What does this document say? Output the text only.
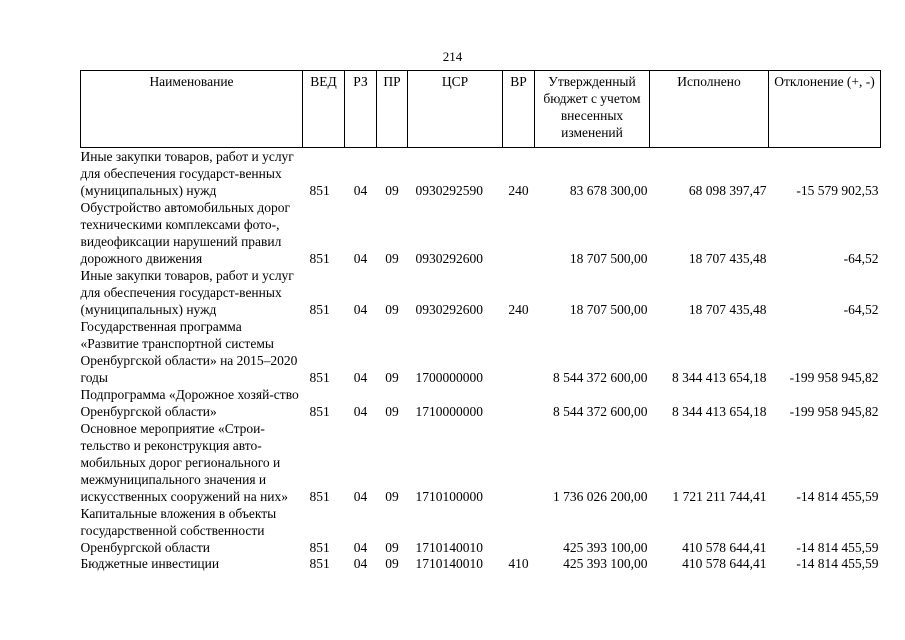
214
Наименование	ВЕД	РЗ	ПР	ЦСР	ВР	Утвержденный бюджет с учетом внесенных изменений	Исполнено	Отклонение (+, -)
Иные закупки товаров, работ и услуг для обеспечения государст-венных (муниципальных) нужд	851	04	09	0930292590	240	83 678 300,00	68 098 397,47	-15 579 902,53
Обустройство автомобильных дорог техническими комплексами фото-, видеофиксации нарушений правил дорожного движения	851	04	09	0930292600		18 707 500,00	18 707 435,48	-64,52
Иные закупки товаров, работ и услуг для обеспечения государст-венных (муниципальных) нужд	851	04	09	0930292600	240	18 707 500,00	18 707 435,48	-64,52
Государственная программа «Развитие транспортной системы Оренбургской области» на 2015–2020 годы	851	04	09	1700000000		8 544 372 600,00	8 344 413 654,18	-199 958 945,82
Подпрограмма «Дорожное хозяй-ство Оренбургской области»	851	04	09	1710000000		8 544 372 600,00	8 344 413 654,18	-199 958 945,82
Основное мероприятие «Строи-тельство и реконструкция авто-мобильных дорог регионального и межмуниципального значения и искусственных сооружений на них»	851	04	09	1710100000		1 736 026 200,00	1 721 211 744,41	-14 814 455,59
Капитальные вложения в объекты государственной собственности Оренбургской области	851	04	09	1710140010		425 393 100,00	410 578 644,41	-14 814 455,59
Бюджетные инвестиции	851	04	09	1710140010	410	425 393 100,00	410 578 644,41	-14 814 455,59
